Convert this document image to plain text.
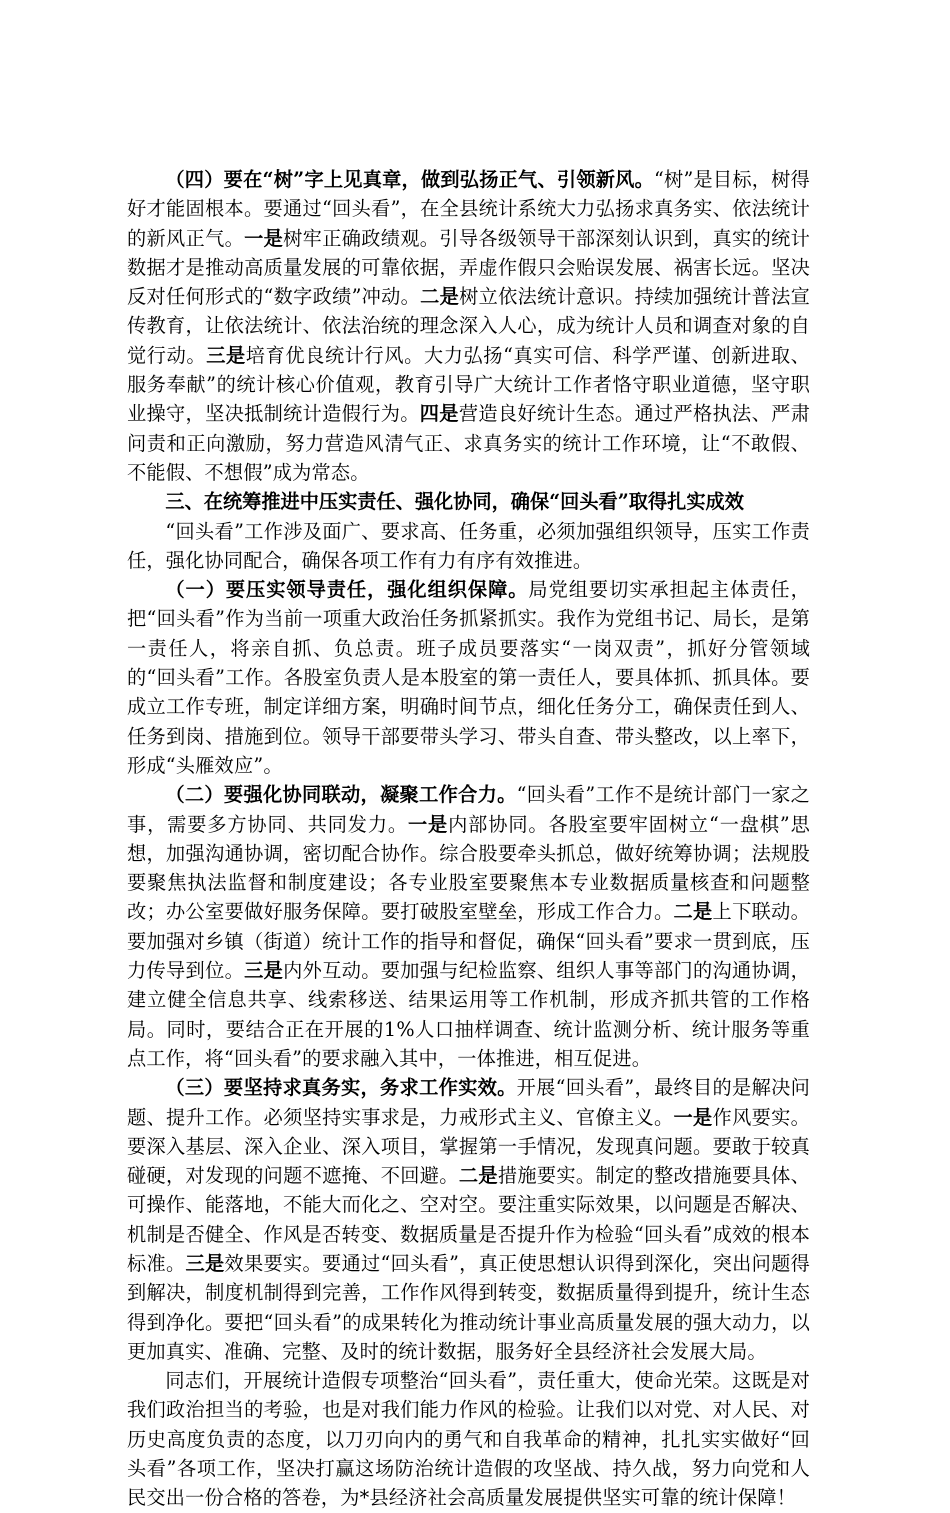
（四）要在“树”字上见真章，做到弘扬正气、引领新风。“树”是目标，树得好才能固根本。要通过“回头看”，在全县统计系统大力弘扬求真务实、依法统计的新风正气。一是树牢正确政绩观。引导各级领导干部深刻认识到，真实的统计数据才是推动高质量发展的可靠依据，弄虚作假只会贻误发展、祸害长远。坚决反对任何形式的“数字政绩”冲动。二是树立依法统计意识。持续加强统计普法宣传教育，让依法统计、依法治统的理念深入人心，成为统计人员和调查对象的自觉行动。三是培育优良统计行风。大力弘扬“真实可信、科学严谨、创新进取、服务奉献”的统计核心价值观，教育引导广大统计工作者恪守职业道德，坚守职业操守，坚决抵制统计造假行为。四是营造良好统计生态。通过严格执法、严肃问责和正向激励，努力营造风清气正、求真务实的统计工作环境，让“不敢假、不能假、不想假”成为常态。

三、在统筹推进中压实责任、强化协同，确保“回头看”取得扎实成效

“回头看”工作涉及面广、要求高、任务重，必须加强组织领导，压实工作责任，强化协同配合，确保各项工作有力有序有效推进。

（一）要压实领导责任，强化组织保障。局党组要切实承担起主体责任，把“回头看”作为当前一项重大政治任务抓紧抓实。我作为党组书记、局长，是第一责任人，将亲自抓、负总责。班子成员要落实“一岗双责”，抓好分管领域的“回头看”工作。各股室负责人是本股室的第一责任人，要具体抓、抓具体。要成立工作专班，制定详细方案，明确时间节点，细化任务分工，确保责任到人、任务到岗、措施到位。领导干部要带头学习、带头自查、带头整改，以上率下，形成“头雁效应”。

（二）要强化协同联动，凝聚工作合力。“回头看”工作不是统计部门一家之事，需要多方协同、共同发力。一是内部协同。各股室要牢固树立“一盘棋”思想，加强沟通协调，密切配合协作。综合股要牵头抓总，做好统筹协调；法规股要聚焦执法监督和制度建设；各专业股室要聚焦本专业数据质量核查和问题整改；办公室要做好服务保障。要打破股室壁垒，形成工作合力。二是上下联动。要加强对乡镇（街道）统计工作的指导和督促，确保“回头看”要求一贯到底，压力传导到位。三是内外互动。要加强与纪检监察、组织人事等部门的沟通协调，建立健全信息共享、线索移送、结果运用等工作机制，形成齐抓共管的工作格局。同时，要结合正在开展的1%人口抽样调查、统计监测分析、统计服务等重点工作，将“回头看”的要求融入其中，一体推进，相互促进。

（三）要坚持求真务实，务求工作实效。开展“回头看”，最终目的是解决问题、提升工作。必须坚持实事求是，力戒形式主义、官僚主义。一是作风要实。要深入基层、深入企业、深入项目，掌握第一手情况，发现真问题。要敢于较真碰硬，对发现的问题不遮掩、不回避。二是措施要实。制定的整改措施要具体、可操作、能落地，不能大而化之、空对空。要注重实际效果，以问题是否解决、机制是否健全、作风是否转变、数据质量是否提升作为检验“回头看”成效的根本标准。三是效果要实。要通过“回头看”，真正使思想认识得到深化，突出问题得到解决，制度机制得到完善，工作作风得到转变，数据质量得到提升，统计生态得到净化。要把“回头看”的成果转化为推动统计事业高质量发展的强大动力，以更加真实、准确、完整、及时的统计数据，服务好全县经济社会发展大局。

同志们，开展统计造假专项整治“回头看”，责任重大，使命光荣。这既是对我们政治担当的考验，也是对我们能力作风的检验。让我们以对党、对人民、对历史高度负责的态度，以刀刃向内的勇气和自我革命的精神，扎扎实实做好“回头看”各项工作，坚决打赢这场防治统计造假的攻坚战、持久战，努力向党和人民交出一份合格的答卷，为*县经济社会高质量发展提供坚实可靠的统计保障！
